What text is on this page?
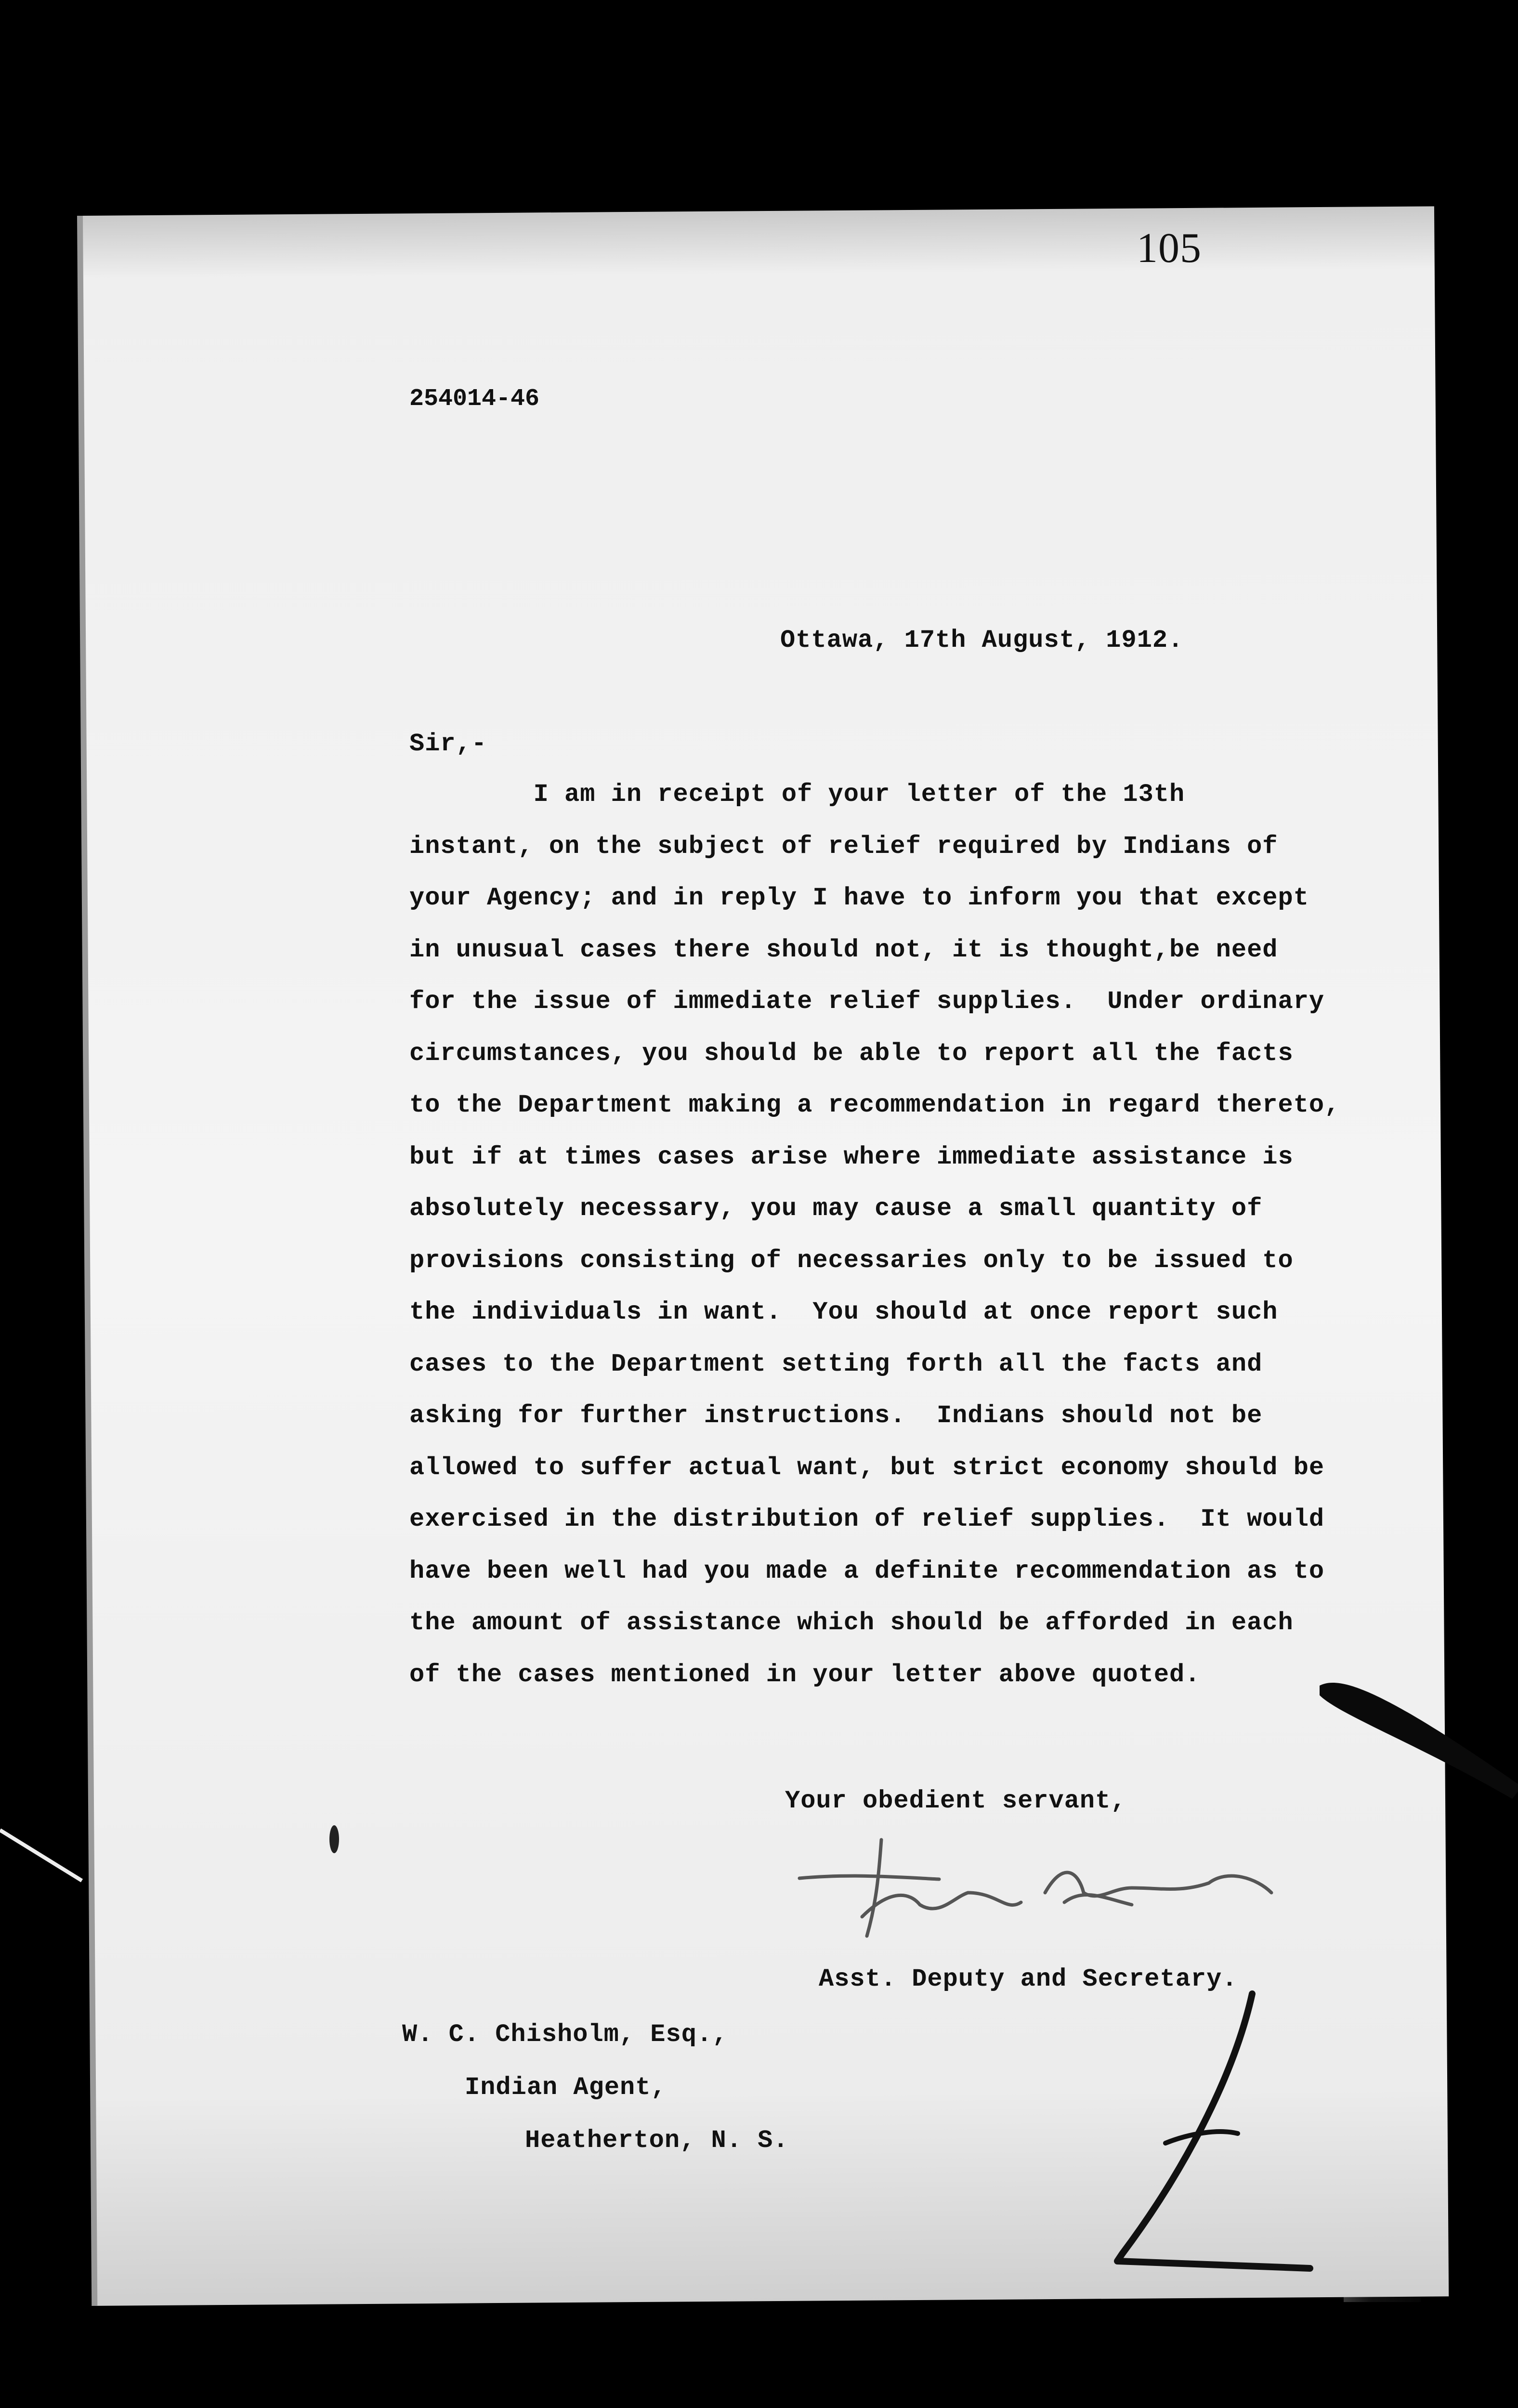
105
254014-46
Ottawa, 17th August, 1912.
Sir,-
I am in receipt of your letter of the 13th
instant, on the subject of relief required by Indians of
your Agency; and in reply I have to inform you that except
in unusual cases there should not, it is thought,be need
for the issue of immediate relief supplies.  Under ordinary
circumstances, you should be able to report all the facts
to the Department making a recommendation in regard thereto,
but if at times cases arise where immediate assistance is
absolutely necessary, you may cause a small quantity of
provisions consisting of necessaries only to be issued to
the individuals in want.  You should at once report such
cases to the Department setting forth all the facts and
asking for further instructions.  Indians should not be
allowed to suffer actual want, but strict economy should be
exercised in the distribution of relief supplies.  It would
have been well had you made a definite recommendation as to
the amount of assistance which should be afforded in each
of the cases mentioned in your letter above quoted.
Your obedient servant,
Asst. Deputy and Secretary.
W. C. Chisholm, Esq.,
Indian Agent,
Heatherton, N. S.
